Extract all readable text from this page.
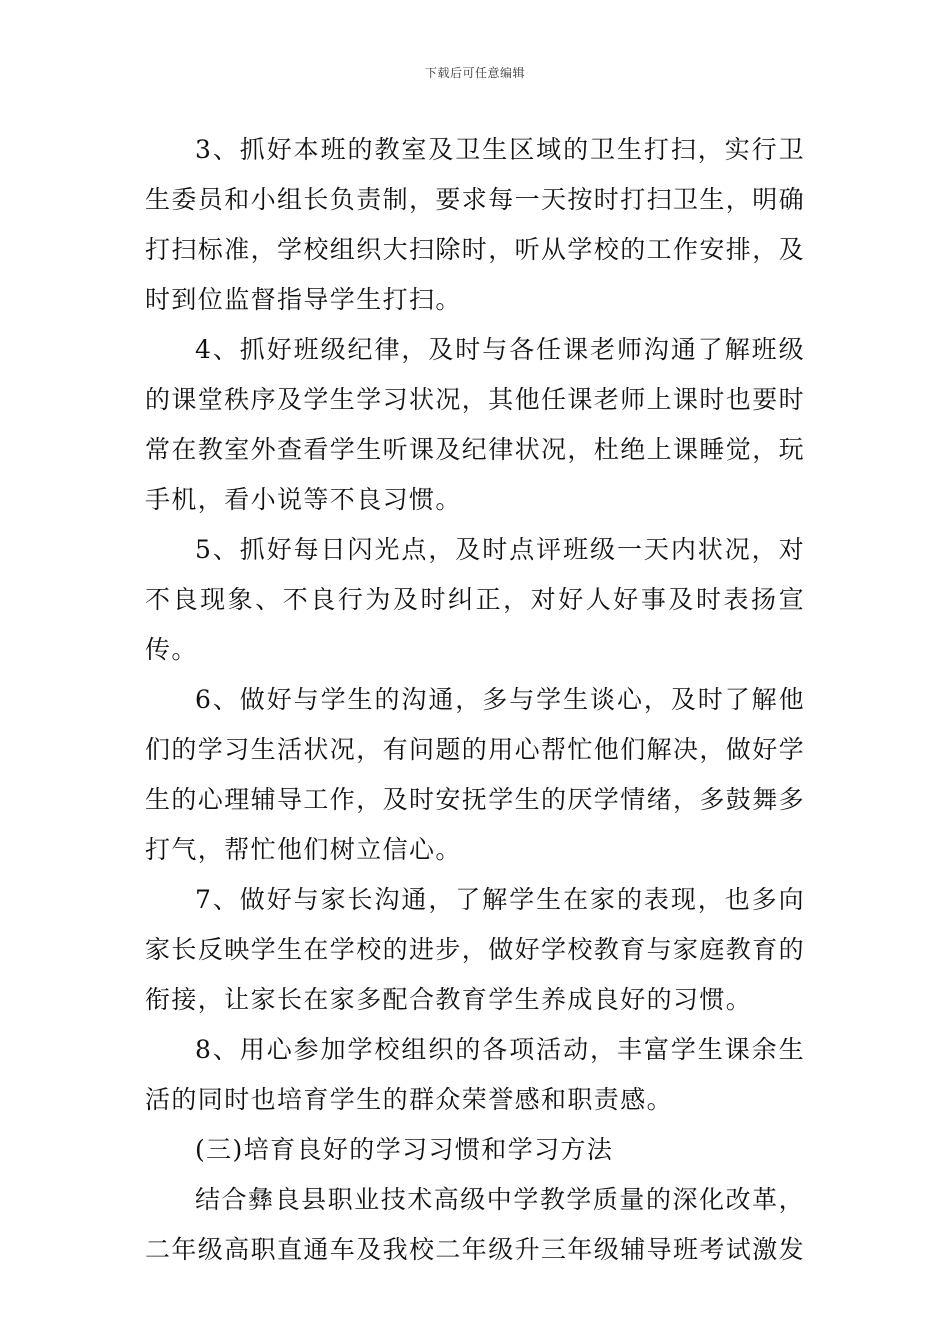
下载后可任意编辑

3、抓好本班的教室及卫生区域的卫生打扫，实行卫生委员和小组长负责制，要求每一天按时打扫卫生，明确打扫标准，学校组织大扫除时，听从学校的工作安排，及时到位监督指导学生打扫。

4、抓好班级纪律，及时与各任课老师沟通了解班级的课堂秩序及学生学习状况，其他任课老师上课时也要时常在教室外查看学生听课及纪律状况，杜绝上课睡觉，玩手机，看小说等不良习惯。

5、抓好每日闪光点，及时点评班级一天内状况，对不良现象、不良行为及时纠正，对好人好事及时表扬宣传。

6、做好与学生的沟通，多与学生谈心，及时了解他们的学习生活状况，有问题的用心帮忙他们解决，做好学生的心理辅导工作，及时安抚学生的厌学情绪，多鼓舞多打气，帮忙他们树立信心。

7、做好与家长沟通，了解学生在家的表现，也多向家长反映学生在学校的进步，做好学校教育与家庭教育的衔接，让家长在家多配合教育学生养成良好的习惯。

8、用心参加学校组织的各项活动，丰富学生课余生活的同时也培育学生的群众荣誉感和职责感。

(三)培育良好的学习习惯和学习方法

结合彝良县职业技术高级中学教学质量的深化改革，二年级高职直通车及我校二年级升三年级辅导班考试激发
